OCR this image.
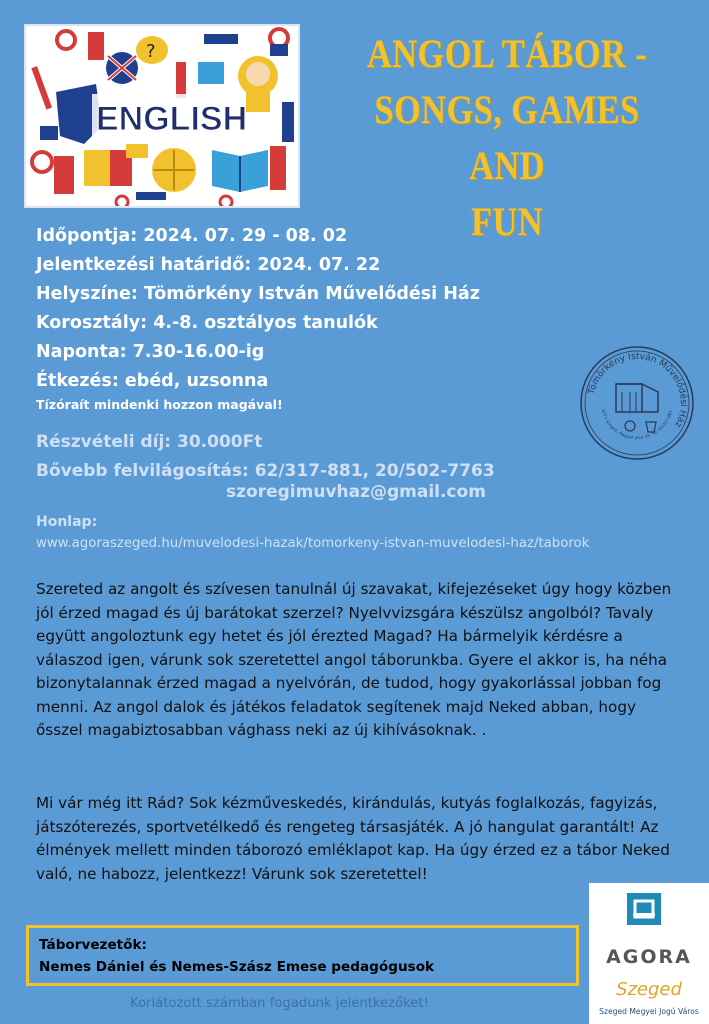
?
ENGLISH
ANGOL TÁBOR -
SONGS, GAMES AND
FUN
Időpontja: 2024. 07. 29 - 08. 02
Jelentkezési határidő: 2024. 07. 22
Helyszíne: Tömörkény István Művelődési Ház
Korosztály: 4.-8. osztályos tanulók
Naponta: 7.30-16.00-ig
Étkezés: ebéd, uzsonna
Tízóraít mindenki hozzon magával!
Tömörkény István Művelődési Ház
6771 Szeged, Magyar utca 34. Tel: 62/317-881
Részvételi díj: 30.000Ft
Bővebb felvilágosítás: 62/317-881, 20/502-7763
szoregimuvhaz@gmail.com
Honlap:
www.agoraszeged.hu/muvelodesi-hazak/tomorkeny-istvan-muvelodesi-haz/taborok
Szereted az angolt és szívesen tanulnál új szavakat, kifejezéseket úgy hogy közben jól érzed magad és új barátokat szerzel? Nyelvvizsgára készülsz angolból? Tavaly együtt angoloztunk egy hetet és jól érezted Magad? Ha bármelyik kérdésre a válaszod igen, várunk sok szeretettel angol táborunkba. Gyere el akkor is, ha néha bizonytalannak érzed magad a nyelvórán, de tudod, hogy gyakorlással jobban fog menni. Az angol dalok és játékos feladatok segítenek majd Neked abban, hogy ősszel magabiztosabban vághass neki az új kihívásoknak. .
Mi vár még itt Rád? Sok kézműveskedés, kirándulás, kutyás foglalkozás, fagyizás, játszóterezés, sportvetélkedő és rengeteg társasjáték. A jó hangulat garantált! Az élmények mellett minden táborozó emléklapot kap. Ha úgy érzed ez a tábor Neked való, ne habozz, jelentkezz! Várunk sok szeretettel!
Táborvezetők:
Nemes Dániel és Nemes-Szász Emese pedagógusok
Korlátozott számban fogadunk jelentkezőket!
AGORA
Szeged
Szeged Megyei Jogú Város
